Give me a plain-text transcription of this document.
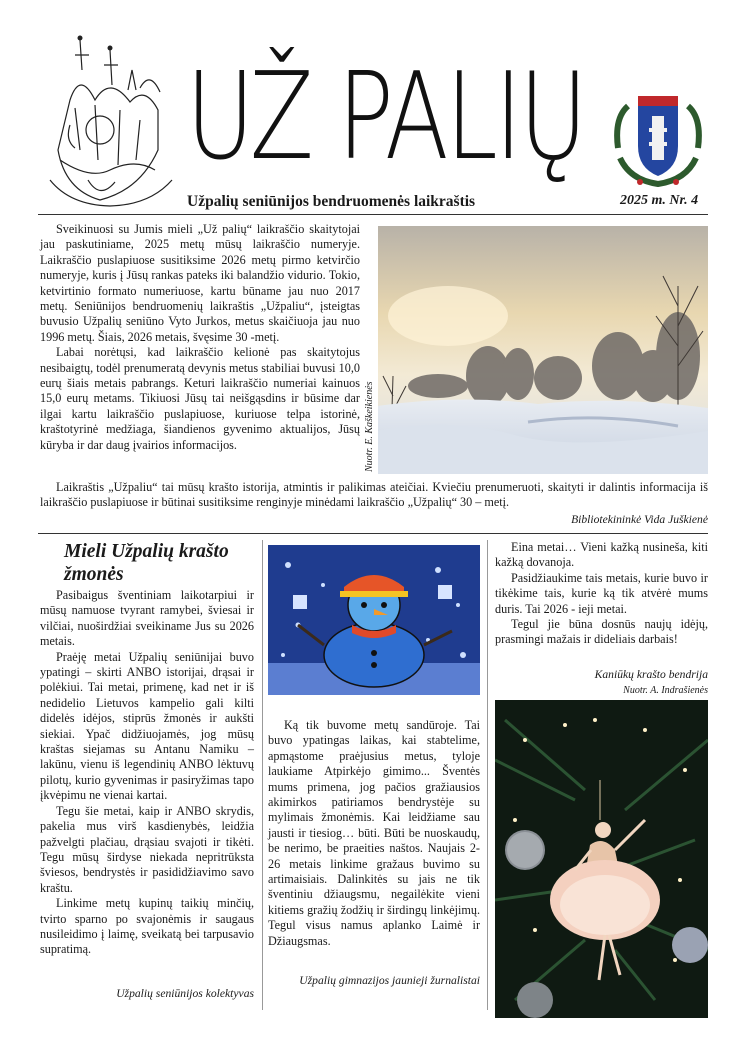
UŽ PALIŲ
Užpalių seniūnijos bendruomenės laikraštis	2025 m. Nr. 4

Sveikinuosi su Jumis mieli „Už palių“ laikraščio skaitytojai jau paskutiniame, 2025 metų mūsų laikraščio numeryje. Laikraščio puslapiuose susitiksime 2026 metų pirmo ketvirčio numeryje, kuris į Jūsų rankas pateks iki balandžio vidurio. Tokio, ketvirtinio formato numeriuose, kartu būname jau nuo 2017 metų. Seniūnijos bendruomenių laikraštis „Užpaliu“, įsteigtas buvusio Užpalių seniūno Vyto Jurkos, metus skaičiuoja jau nuo 1996 metų. Šiais, 2026 metais, švęsime 30 -metį.

Labai norėtųsi, kad laikraščio kelionė pas skaitytojus nesibaigtų, todėl prenumeratą devynis metus stabiliai buvusi 10,0 eurų šiais metais pabrangs. Keturi laikraščio numeriai kainuos 15,0 eurų metams. Tikiuosi Jūsų tai neišgąsdins ir būsime dar ilgai kartu laikraščio puslapiuose, kuriuose telpa istorinė, kraštotyrinė medžiaga, šiandienos gyvenimo aktualijos, Jūsų kūryba ir dar daug įvairios informacijos.	Nuotr. E. Kaškeikienės

Laikraštis „Užpaliu“ tai mūsų krašto istorija, atmintis ir palikimas ateičiai. Kviečiu prenumeruoti, skaityti ir dalintis informacija iš laikraščio puslapiuose ir būtinai susitiksime renginyje minėdami laikraščio „Užpalių“ 30 – metį.

Bibliotekininkė Vida Juškienė
Mieli Užpalių krašto žmonės

Pasibaigus šventiniam laikotarpiui ir mūsų namuose tvyrant ramybei, šviesai ir vilčiai, nuoširdžiai sveikiname Jus su 2026 metais.

Praėję metai Užpalių seniūnijai buvo ypatingi – skirti ANBO istorijai, drąsai ir polėkiui. Tai metai, primenę, kad net ir iš nedidelio Lietuvos kampelio gali kilti didelės idėjos, stiprūs žmonės ir aukšti siekiai. Ypač didžiuojamės, jog mūsų kraštas siejamas su Antanu Namiku – lakūnu, vienu iš legendinių ANBO lėktuvų pilotų, kurio gyvenimas ir pasiryžimas tapo įkvėpimu ne vienai kartai.

Tegu šie metai, kaip ir ANBO skrydis, pakelia mus virš kasdienybės, leidžia pažvelgti plačiau, drąsiau svajoti ir tikėti. Tegu mūsų širdyse niekada nepritrūksta šviesos, bendrystės ir pasididžiavimo savo kraštu.

Linkime metų kupinų taikių minčių, tvirto sparno po svajonėmis ir saugaus nusileidimo į laimę, sveikatą bei tarpusavio supratimą.

Užpalių seniūnijos kolektyvas

Ką tik buvome metų sandūroje. Tai buvo ypatingas laikas, kai stabtelime, apmąstome praėjusius metus, tyloje laukiame Atpirkėjo gimimo... Šventės mums primena, jog pačios gražiausios akimirkos patiriamos bendrystėje su mylimais žmonėmis. Kai leidžiame sau jausti ir tiesiog… būti. Būti be nuoskaudų, be nerimo, be praeities naštos. Naujais 2-26 metais linkime gražaus buvimo su artimaisiais. Dalinkitės su jais ne tik šventiniu džiaugsmu, negailėkite vieni kitiems gražių žodžių ir širdingų linkėjimų. Tegul visus namus aplanko Laimė ir Džiaugsmas.

Užpalių gimnazijos jaunieji žurnalistai

Eina metai… Vieni kažką nusineša, kiti kažką dovanoja.

Pasidžiaukime tais metais, kurie buvo ir tikėkime tais, kurie ką tik atvėrė mums duris. Tai 2026 - ieji metai.

Tegul jie būna dosnūs naujų idėjų, prasmingi mažais ir dideliais darbais!

Kaniūkų krašto bendrija
Nuotr. A. Indrašienės
